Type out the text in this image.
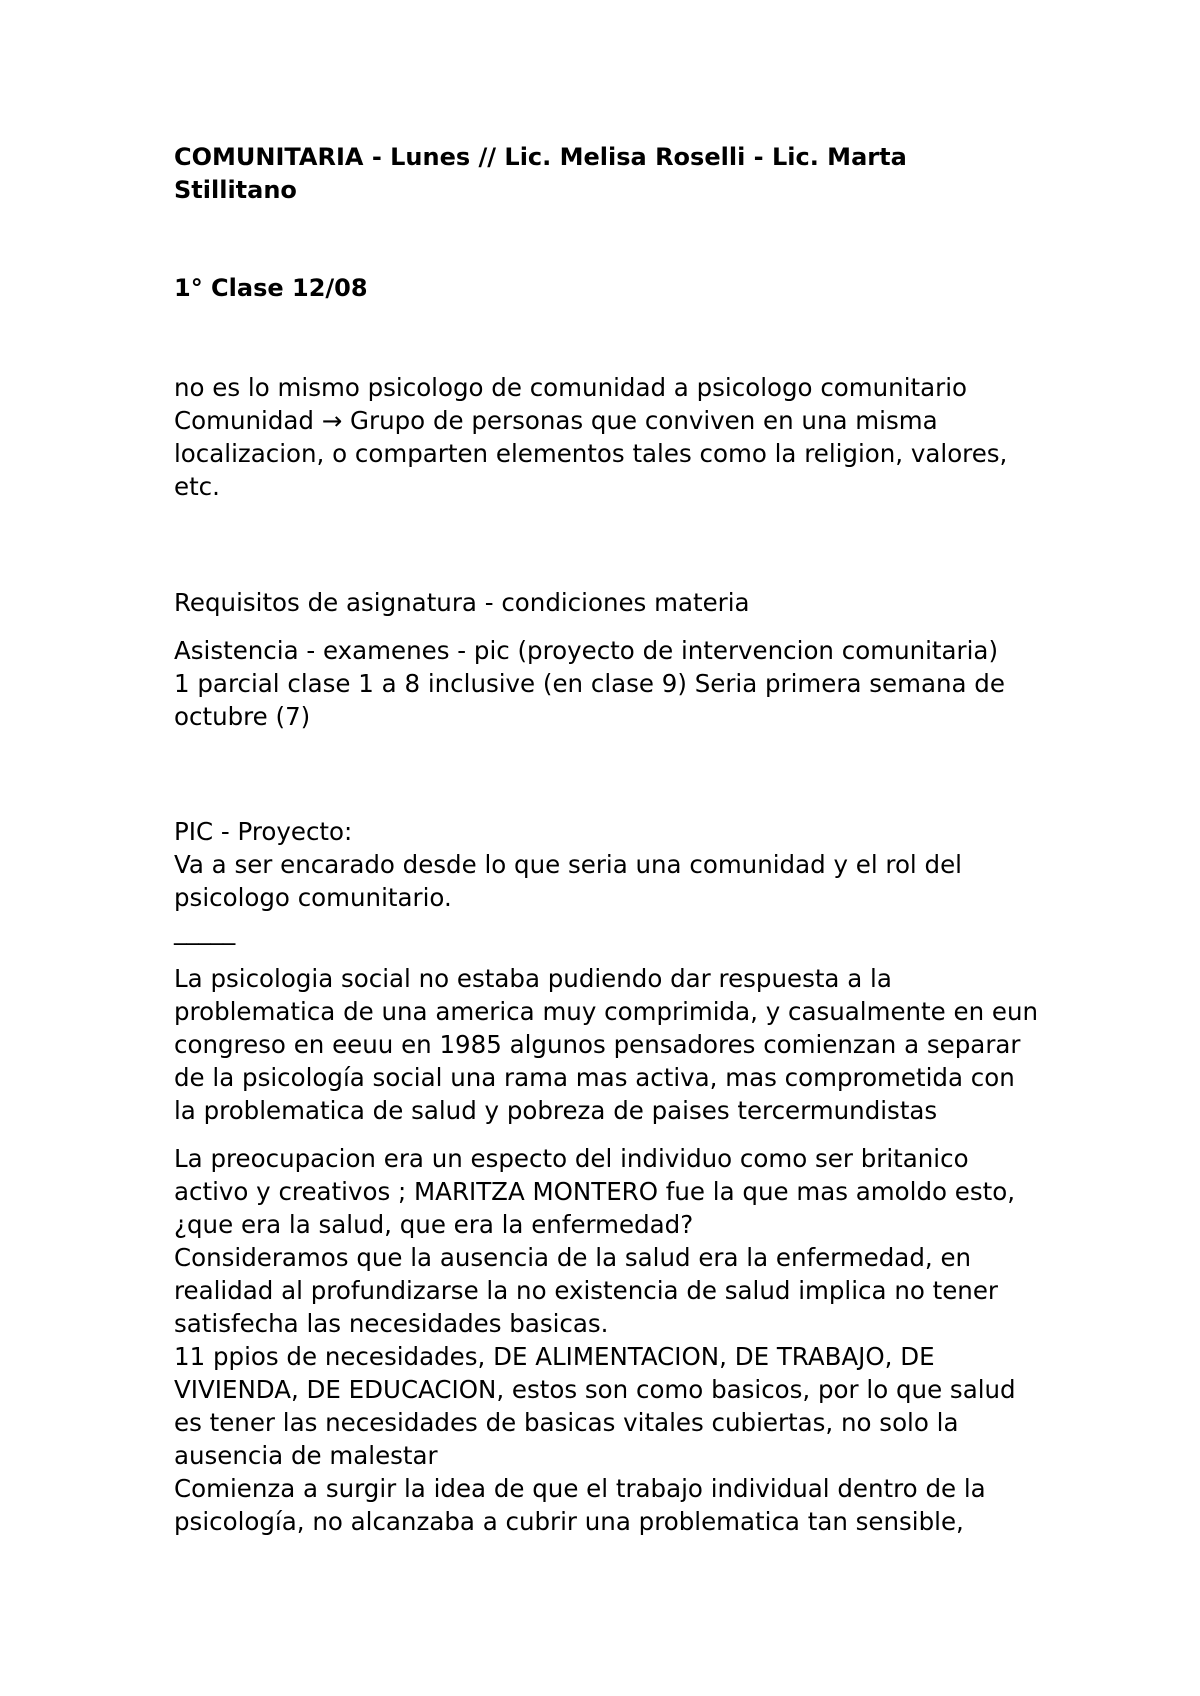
COMUNITARIA - Lunes // Lic. Melisa Roselli - Lic. Marta
Stillitano

1° Clase 12/08

no es lo mismo psicologo de comunidad a psicologo comunitario
Comunidad → Grupo de personas que conviven en una misma
localizacion, o comparten elementos tales como la religion, valores,
etc.

Requisitos de asignatura - condiciones materia

Asistencia - examenes - pic (proyecto de intervencion comunitaria)
1 parcial clase 1 a 8 inclusive (en clase 9) Seria primera semana de
octubre (7)

PIC - Proyecto:
Va a ser encarado desde lo que seria una comunidad y el rol del
psicologo comunitario.
_____

La psicologia social no estaba pudiendo dar respuesta a la
problematica de una america muy comprimida, y casualmente en eun
congreso en eeuu en 1985 algunos pensadores comienzan a separar
de la psicología social una rama mas activa, mas comprometida con
la problematica de salud y pobreza de paises tercermundistas

La preocupacion era un especto del individuo como ser britanico
activo y creativos ; MARITZA MONTERO fue la que mas amoldo esto,
¿que era la salud, que era la enfermedad?
Consideramos que la ausencia de la salud era la enfermedad, en
realidad al profundizarse la no existencia de salud implica no tener
satisfecha las necesidades basicas.
11 ppios de necesidades, DE ALIMENTACION, DE TRABAJO, DE
VIVIENDA, DE EDUCACION, estos son como basicos, por lo que salud
es tener las necesidades de basicas vitales cubiertas, no solo la
ausencia de malestar
Comienza a surgir la idea de que el trabajo individual dentro de la
psicología, no alcanzaba a cubrir una problematica tan sensible,
